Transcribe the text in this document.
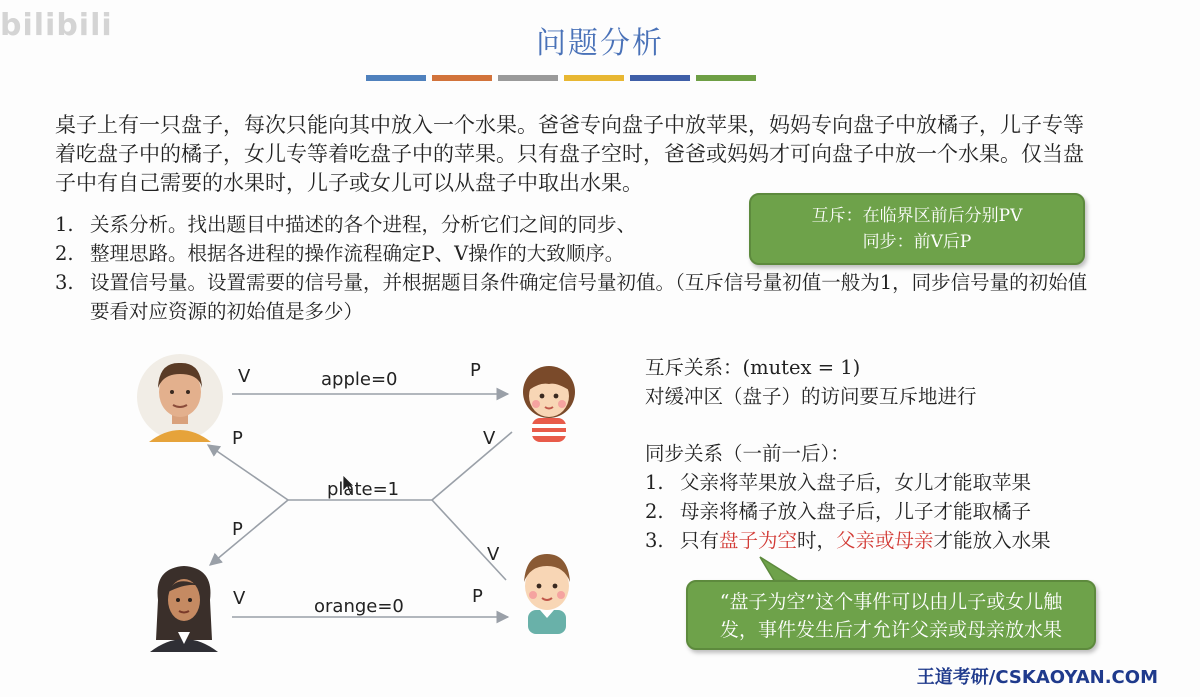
bilibili
问题分析
桌子上有一只盘子，每次只能向其中放入一个水果。爸爸专向盘子中放苹果，妈妈专向盘子中放橘子，儿子专等着吃盘子中的橘子，女儿专等着吃盘子中的苹果。只有盘子空时，爸爸或妈妈才可向盘子中放一个水果。仅当盘子中有自己需要的水果时，儿子或女儿可以从盘子中取出水果。
1. 关系分析。找出题目中描述的各个进程，分析它们之间的同步、
2. 整理思路。根据各进程的操作流程确定P、V操作的大致顺序。
3. 设置信号量。设置需要的信号量，并根据题目条件确定信号量初值。（互斥信号量初值一般为1，同步信号量的初始值要看对应资源的初始值是多少）
互斥：在临界区前后分别PV
同步：前V后P
V	apple=0	P
P	V
plate=1
P
V
V	orange=0	P
互斥关系：(mutex = 1)
对缓冲区（盘子）的访问要互斥地进行
同步关系（一前一后）：
1. 父亲将苹果放入盘子后，女儿才能取苹果
2. 母亲将橘子放入盘子后，儿子才能取橘子
3. 只有盘子为空时，父亲或母亲才能放入水果
“盘子为空”这个事件可以由儿子或女儿触
发，事件发生后才允许父亲或母亲放水果
王道考研/CSKAOYAN.COM
